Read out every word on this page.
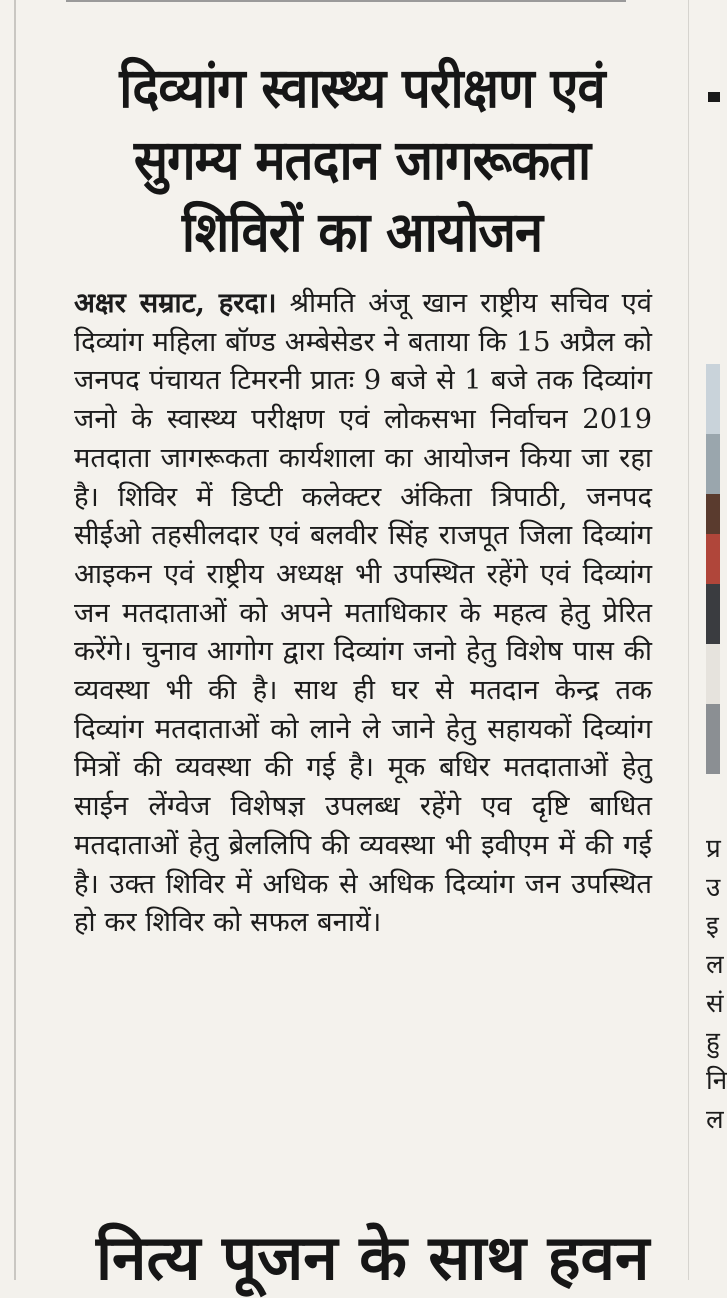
दिव्यांग स्वास्थ्य परीक्षण एवं
सुगम्य मतदान जागरूकता
शिविरों का आयोजन

अक्षर सम्राट, हरदा। श्रीमति अंजू खान राष्ट्रीय सचिव एवं दिव्यांग महिला बॉण्ड अम्बेसेडर ने बताया कि 15 अप्रैल को जनपद पंचायत टिमरनी प्रातः 9 बजे से 1 बजे तक दिव्यांग जनो के स्वास्थ्य परीक्षण एवं लोकसभा निर्वाचन 2019 मतदाता जागरूकता कार्यशाला का आयोजन किया जा रहा है। शिविर में डिप्टी कलेक्टर अंकिता त्रिपाठी, जनपद सीईओ तहसीलदार एवं बलवीर सिंह राजपूत जिला दिव्यांग आइकन एवं राष्ट्रीय अध्यक्ष भी उपस्थित रहेंगे एवं दिव्यांग जन मतदाताओं को अपने मताधिकार के महत्व हेतु प्रेरित करेंगे। चुनाव आगोग द्वारा दिव्यांग जनो हेतु विशेष पास की व्यवस्था भी की है। साथ ही घर से मतदान केन्द्र तक दिव्यांग मतदाताओं को लाने ले जाने हेतु सहायकों दिव्यांग मित्रों की व्यवस्था की गई है। मूक बधिर मतदाताओं हेतु साईन लेंग्वेज विशेषज्ञ उपलब्ध रहेंगे एव दृष्टि बाधित मतदाताओं हेतु ब्रेललिपि की व्यवस्था भी इवीएम में की गई है। उक्त शिविर में अधिक से अधिक दिव्यांग जन उपस्थित हो कर शिविर को सफल बनायें।

नित्य पूजन के साथ हवन
प्र
उ
इ
ल
सं
हु
नि
ल
